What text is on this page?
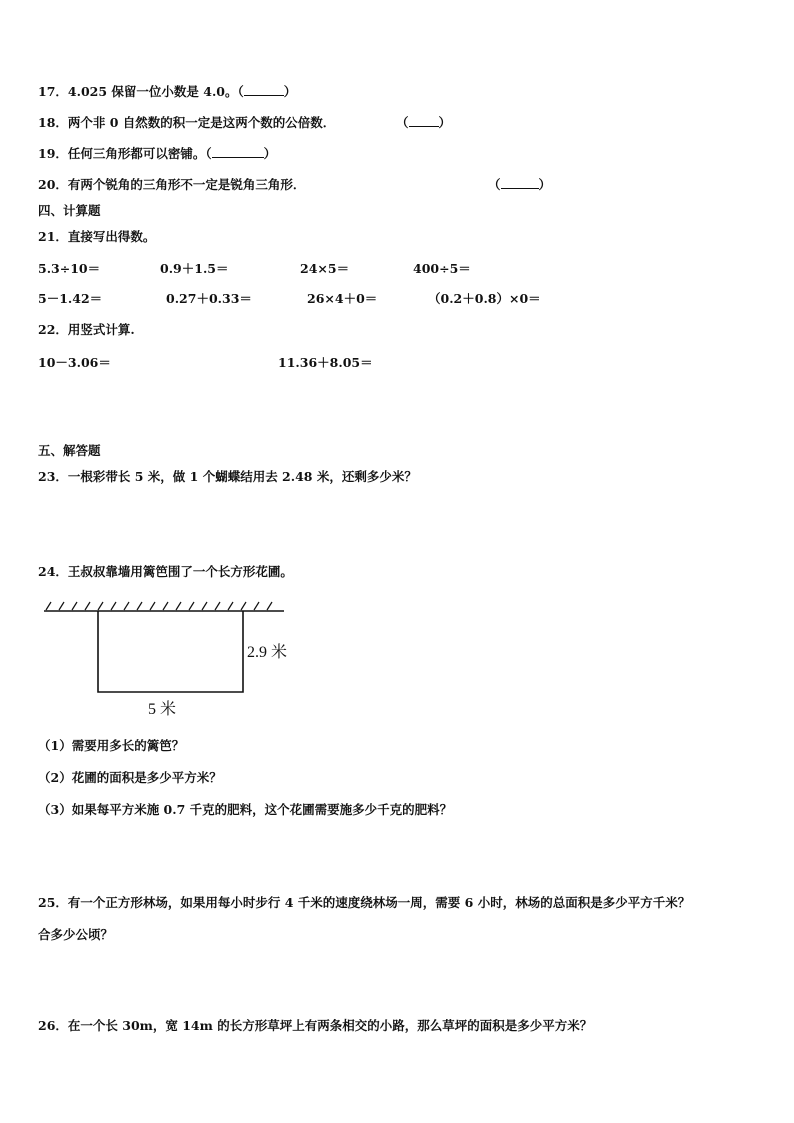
17．4.025 保留一位小数是 4.0。（	）
18．两个非 0 自然数的积一定是这两个数的公倍数．	（ ）
19．任何三角形都可以密铺。（	）
20．有两个锐角的三角形不一定是锐角三角形．	（	）
四、计算题
21．直接写出得数。
5.3÷10＝	0.9＋1.5＝	24×5＝	400÷5＝
5－1.42＝	0.27＋0.33＝	26×4＋0＝	（0.2＋0.8）×0＝
22．用竖式计算.
10－3.06＝	11.36＋8.05＝
五、解答题
23．一根彩带长 5 米，做 1 个蝴蝶结用去 2.48 米，还剩多少米？
24．王叔叔靠墙用篱笆围了一个长方形花圃。
2.9 米
5 米
（1）需要用多长的篱笆？
（2）花圃的面积是多少平方米？
（3）如果每平方米施 0.7 千克的肥料，这个花圃需要施多少千克的肥料？
25．有一个正方形林场，如果用每小时步行 4 千米的速度绕林场一周，需要 6 小时，林场的总面积是多少平方千米？
合多少公顷？
26．在一个长 30m，宽 14m 的长方形草坪上有两条相交的小路，那么草坪的面积是多少平方米？
